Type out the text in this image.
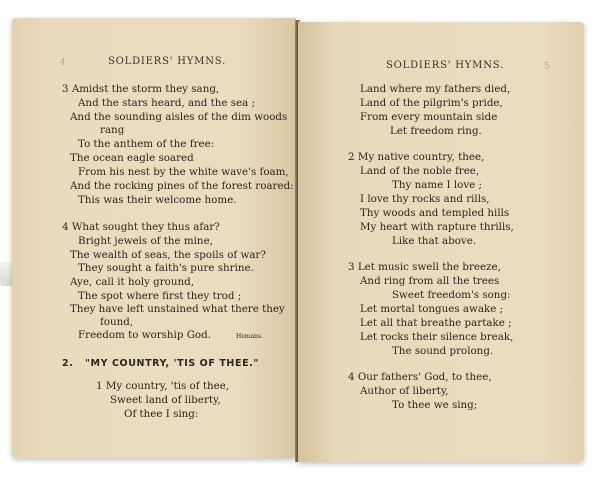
4	SOLDIERS' HYMNS.
3 Amidst the storm they sang,
And the stars heard, and the sea ;
And the sounding aisles of the dim woods
rang
To the anthem of the free:
The ocean eagle soared
From his nest by the white wave's foam,
And the rocking pines of the forest roared:
This was their welcome home.
4 What sought they thus afar?
Bright jewels of the mine,
The wealth of seas, the spoils of war?
They sought a faith's pure shrine.
Aye, call it holy ground,
The spot where first they trod ;
They have left unstained what there they
found,
Freedom to worship God.	Hemans.
2. "MY COUNTRY, 'TIS OF THEE."
1 My country, 'tis of thee,
Sweet land of liberty,
Of thee I sing:
5
SOLDIERS' HYMNS.
Land where my fathers died,
Land of the pilgrim's pride,
From every mountain side
Let freedom ring.
2 My native country, thee,
Land of the noble free,
Thy name I love ;
I love thy rocks and rills,
Thy woods and templed hills
My heart with rapture thrills,
Like that above.
3 Let music swell the breeze,
And ring from all the trees
Sweet freedom's song:
Let mortal tongues awake ;
Let all that breathe partake ;
Let rocks their silence break,
The sound prolong.
4 Our fathers' God, to thee,
Author of liberty,
To thee we sing;
